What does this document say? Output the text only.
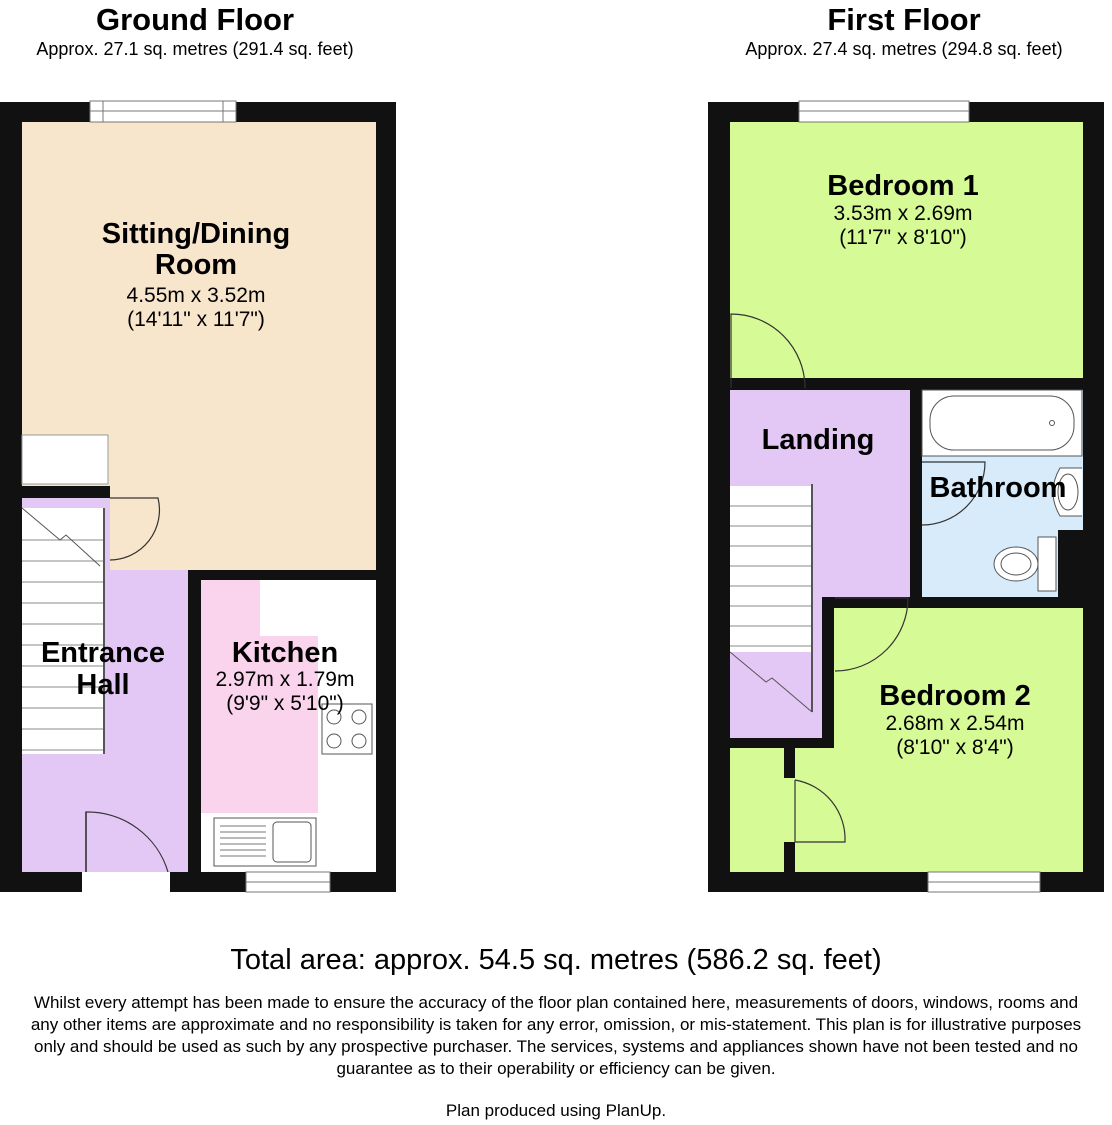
Ground Floor
Approx. 27.1 sq. metres (291.4 sq. feet)
First Floor
Approx. 27.4 sq. metres (294.8 sq. feet)
Sitting/Dining
Room
4.55m x 3.52m
(14'11" x 11'7")
Entrance
Hall
Kitchen
2.97m x 1.79m
(9'9" x 5'10")
Bedroom 1
3.53m x 2.69m
(11'7" x 8'10")
Landing
Bathroom
Bedroom 2
2.68m x 2.54m
(8'10" x 8'4")
Total area: approx. 54.5 sq. metres (586.2 sq. feet)
Whilst every attempt has been made to ensure the accuracy of the floor plan contained here, measurements of doors, windows, rooms and any other items are approximate and no responsibility is taken for any error, omission, or mis-statement. This plan is for illustrative purposes only and should be used as such by any prospective purchaser. The services, systems and appliances shown have not been tested and no guarantee as to their operability or efficiency can be given.
Plan produced using PlanUp.
